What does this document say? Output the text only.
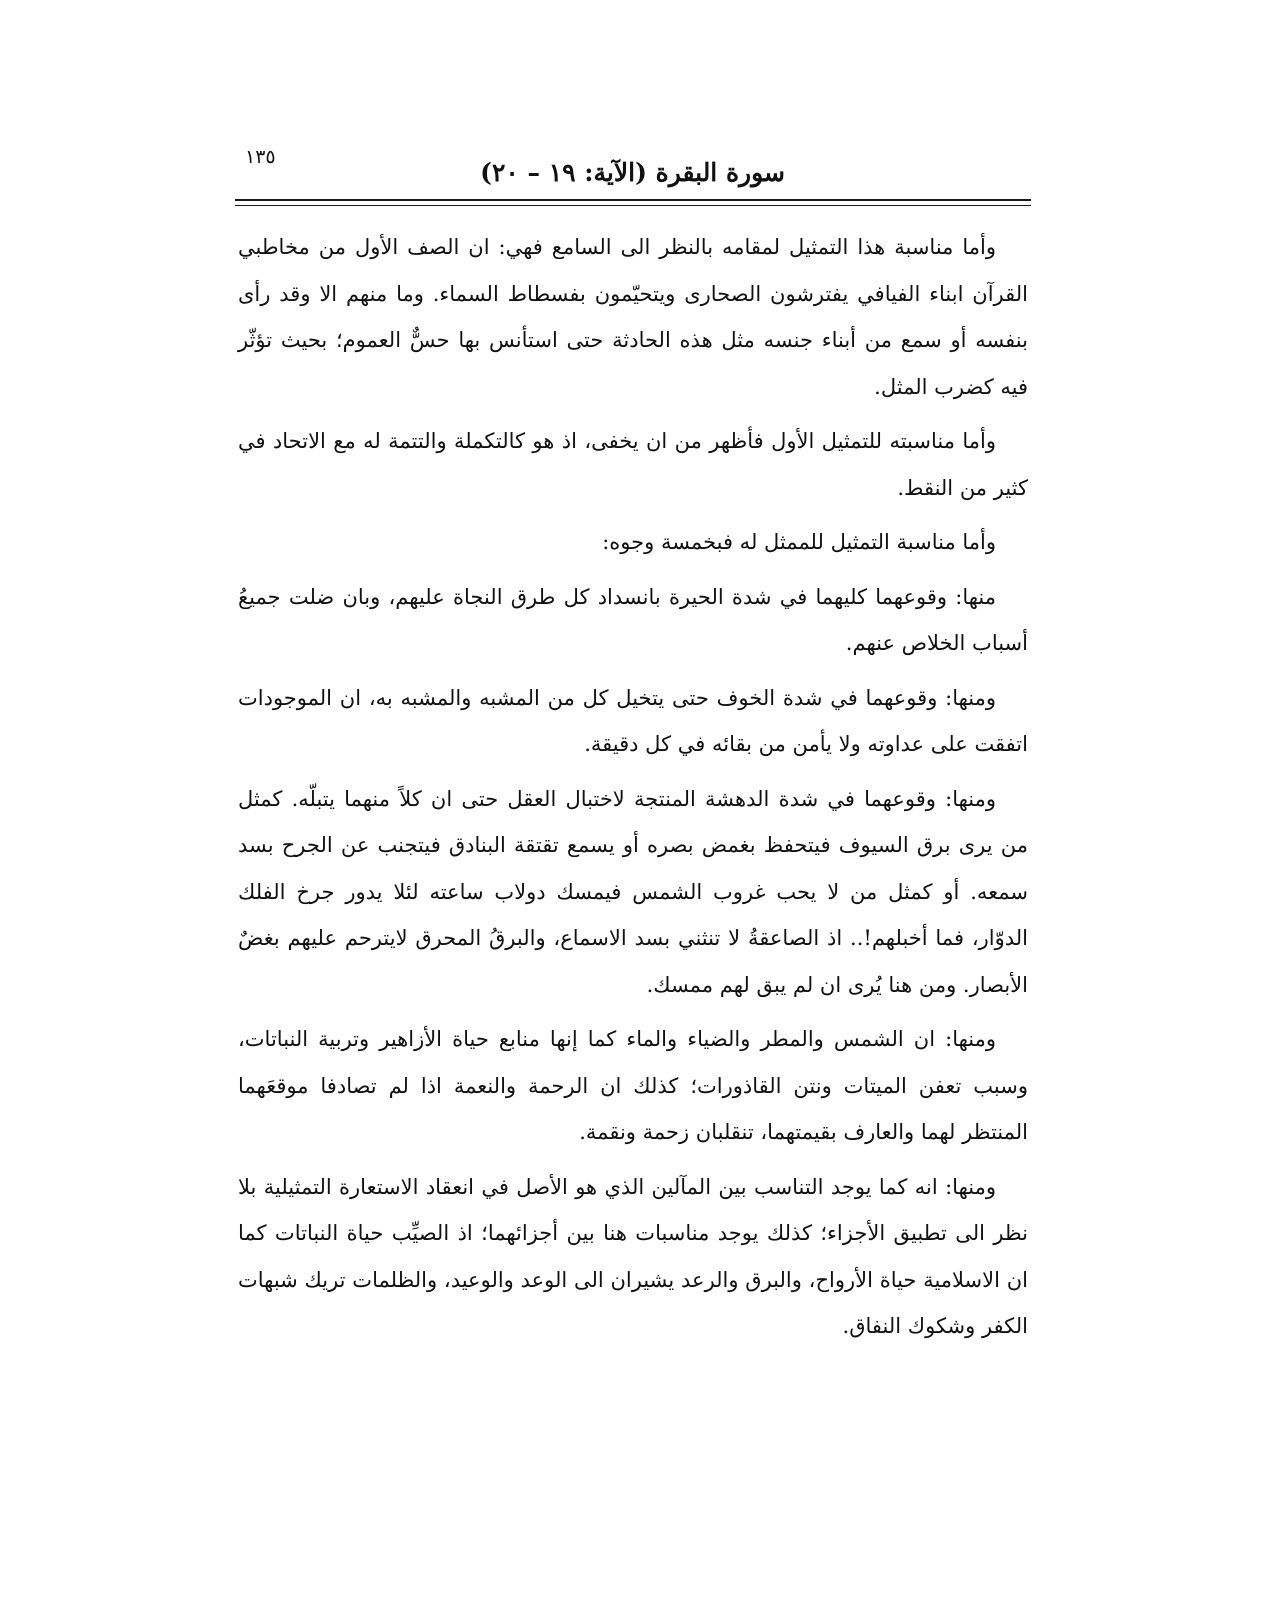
سورة البقرة (الآية: ١٩ – ٢٠)
١٣٥

وأما مناسبة هذا التمثيل لمقامه بالنظر الى السامع فهي: ان الصف الأول من مخاطبي القرآن ابناء الفيافي يفترشون الصحارى ويتحيّمون بفسطاط السماء. وما منهم الا وقد رأى بنفسه أو سمع من أبناء جنسه مثل هذه الحادثة حتى استأنس بها حسٌّ العموم؛ بحيث تؤثّر فيه كضرب المثل.

وأما مناسبته للتمثيل الأول فأظهر من ان يخفى، اذ هو كالتكملة والتتمة له مع الاتحاد في كثير من النقط.

وأما مناسبة التمثيل للممثل له فبخمسة وجوه:

منها: وقوعهما كليهما في شدة الحيرة بانسداد كل طرق النجاة عليهم، وبان ضلت جميعُ أسباب الخلاص عنهم.

ومنها: وقوعهما في شدة الخوف حتى يتخيل كل من المشبه والمشبه به، ان الموجودات اتفقت على عداوته ولا يأمن من بقائه في كل دقيقة.

ومنها: وقوعهما في شدة الدهشة المنتجة لاختبال العقل حتى ان كلاً منهما يتبلّه. كمثل من يرى برق السيوف فيتحفظ بغمض بصره أو يسمع تقتقة البنادق فيتجنب عن الجرح بسد سمعه. أو كمثل من لا يحب غروب الشمس فيمسك دولاب ساعته لئلا يدور جرخ الفلك الدوّار، فما أخبلهم!.. اذ الصاعقةُ لا تنثني بسد الاسماع، والبرقُ المحرق لايترحم عليهم بغضٌ الأبصار. ومن هنا يُرى ان لم يبق لهم ممسك.

ومنها: ان الشمس والمطر والضياء والماء كما إنها منابع حياة الأزاهير وتربية النباتات، وسبب تعفن الميتات ونتن القاذورات؛ كذلك ان الرحمة والنعمة اذا لم تصادفا موقعَهما المنتظر لهما والعارف بقيمتهما، تنقلبان زحمة ونقمة.

ومنها: انه كما يوجد التناسب بين المآلين الذي هو الأصل في انعقاد الاستعارة التمثيلية بلا نظر الى تطبيق الأجزاء؛ كذلك يوجد مناسبات هنا بين أجزائهما؛ اذ الصيِّب حياة النباتات كما ان الاسلامية حياة الأرواح، والبرق والرعد يشيران الى الوعد والوعيد، والظلمات تريك شبهات الكفر وشكوك النفاق.
